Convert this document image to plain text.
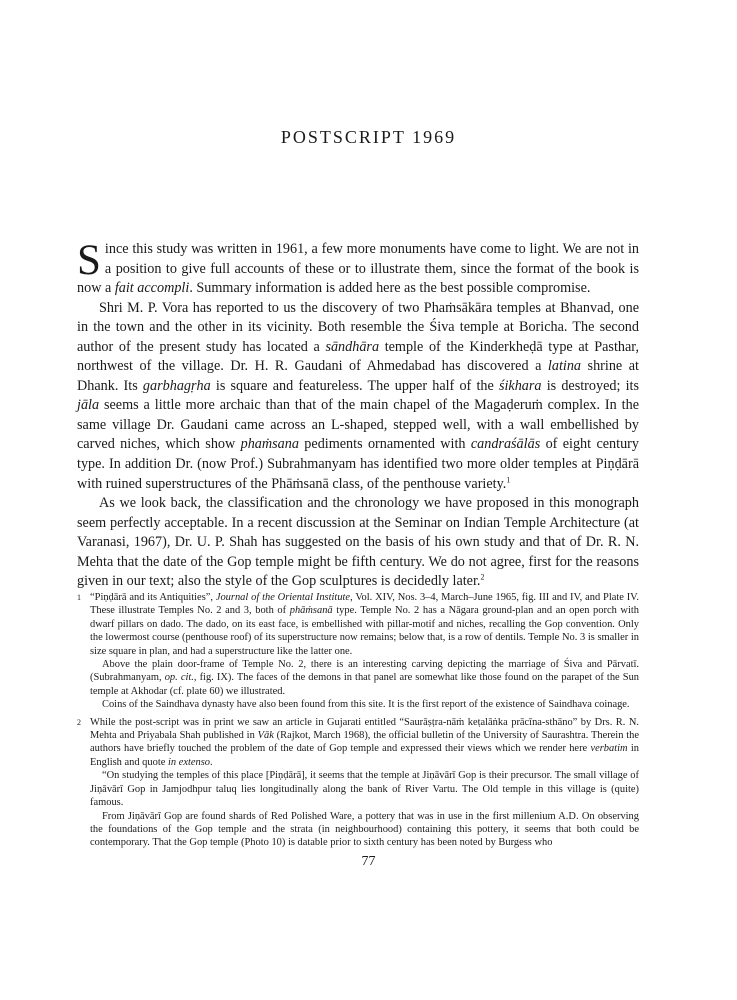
POSTSCRIPT 1969

Since this study was written in 1961, a few more monuments have come to light. We are not in a position to give full accounts of these or to illustrate them, since the format of the book is now a fait accompli. Summary information is added here as the best possible compromise.

Shri M. P. Vora has reported to us the discovery of two Phaṁsākāra temples at Bhanvad, one in the town and the other in its vicinity. Both resemble the Śiva temple at Boricha. The second author of the present study has located a sāndhāra temple of the Kinderkheḍā type at Pasthar, northwest of the village. Dr. H. R. Gaudani of Ahmedabad has discovered a latina shrine at Dhank. Its garbhagṛha is square and featureless. The upper half of the śikhara is destroyed; its jāla seems a little more archaic than that of the main chapel of the Magaḍeruṁ complex. In the same village Dr. Gaudani came across an L-shaped, stepped well, with a wall embellished by carved niches, which show phaṁsana pediments ornamented with candraśālās of eight century type. In addition Dr. (now Prof.) Subrahmanyam has identified two more older temples at Piṇḍārā with ruined superstructures of the Phāṁsanā class, of the penthouse variety.$^1$

As we look back, the classification and the chronology we have proposed in this monograph seem perfectly acceptable. In a recent discussion at the Seminar on Indian Temple Architecture (at Varanasi, 1967), Dr. U. P. Shah has suggested on the basis of his own study and that of Dr. R. N. Mehta that the date of the Gop temple might be fifth century. We do not agree, first for the reasons given in our text; also the style of the Gop sculptures is decidedly later.$^2$

1 “Piṇḍārā and its Antiquities”, Journal of the Oriental Institute, Vol. XIV, Nos. 3–4, March–June 1965, fig. III and IV, and Plate IV. These illustrate Temples No. 2 and 3, both of phāṁsanā type. Temple No. 2 has a Nāgara ground-plan and an open porch with dwarf pillars on dado. The dado, on its east face, is embellished with pillar-motif and niches, recalling the Gop convention. Only the lowermost course (penthouse roof) of its superstructure now remains; below that, is a row of dentils. Temple No. 3 is smaller in size square in plan, and had a superstructure like the latter one.

Above the plain door-frame of Temple No. 2, there is an interesting carving depicting the marriage of Śiva and Pārvatī. (Subrahmanyam, op. cit., fig. IX). The faces of the demons in that panel are somewhat like those found on the parapet of the Sun temple at Akhodar (cf. plate 60) we illustrated.

Coins of the Saindhava dynasty have also been found from this site. It is the first report of the existence of Saindhava coinage.

2 While the post-script was in print we saw an article in Gujarati entitled “Saurāṣṭra-nāṁ keṭalāṅka prācīna-sthāno” by Drs. R. N. Mehta and Priyabala Shah published in Vāk (Rajkot, March 1968), the official bulletin of the University of Saurashtra. Therein the authors have briefly touched the problem of the date of Gop temple and expressed their views which we render here verbatim in English and quote in extenso.

“On studying the temples of this place [Piṇḍārā], it seems that the temple at Jiṇāvārī Gop is their precursor. The small village of Jiṇāvārī Gop in Jamjodhpur taluq lies longitudinally along the bank of River Vartu. The Old temple in this village is (quite) famous.

From Jiṇāvārī Gop are found shards of Red Polished Ware, a pottery that was in use in the first millenium A.D. On observing the foundations of the Gop temple and the strata (in neighbourhood) containing this pottery, it seems that both could be contemporary. That the Gop temple (Photo 10) is datable prior to sixth century has been noted by Burgess who

77
